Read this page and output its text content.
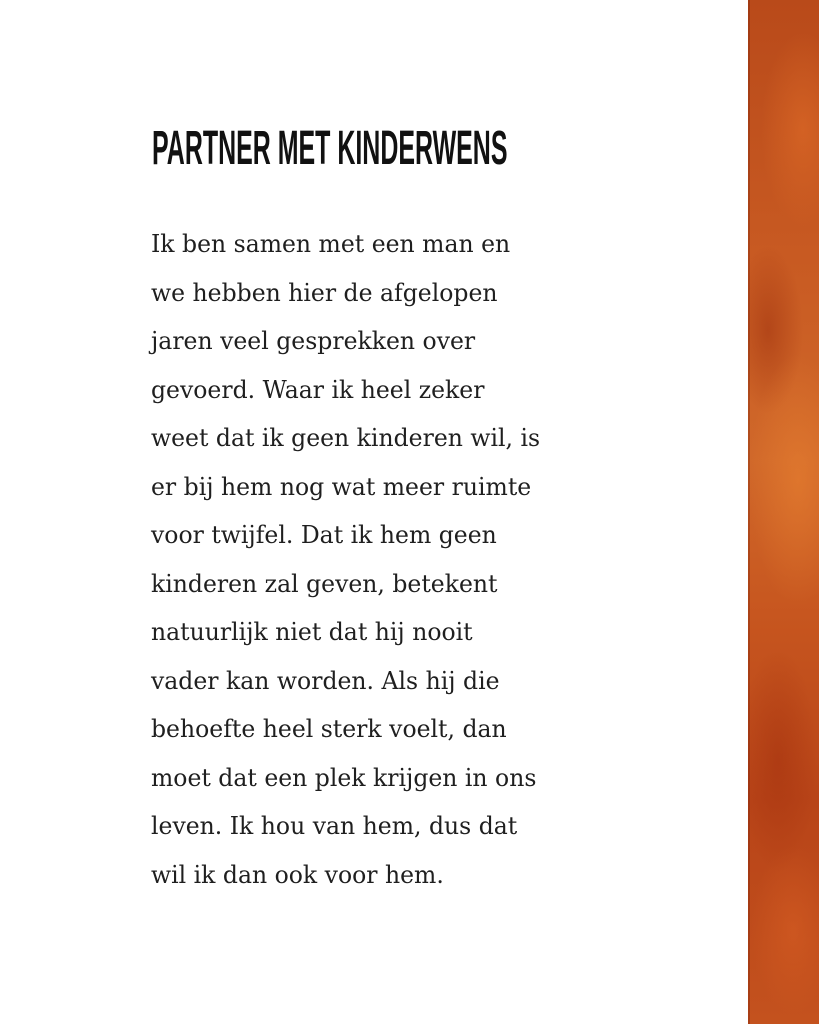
PARTNER MET KINDERWENS
Ik ben samen met een man en
we hebben hier de afgelopen
jaren veel gesprekken over
gevoerd. Waar ik heel zeker
weet dat ik geen kinderen wil, is
er bij hem nog wat meer ruimte
voor twijfel. Dat ik hem geen
kinderen zal geven, betekent
natuurlijk niet dat hij nooit
vader kan worden. Als hij die
behoefte heel sterk voelt, dan
moet dat een plek krijgen in ons
leven. Ik hou van hem, dus dat
wil ik dan ook voor hem.
